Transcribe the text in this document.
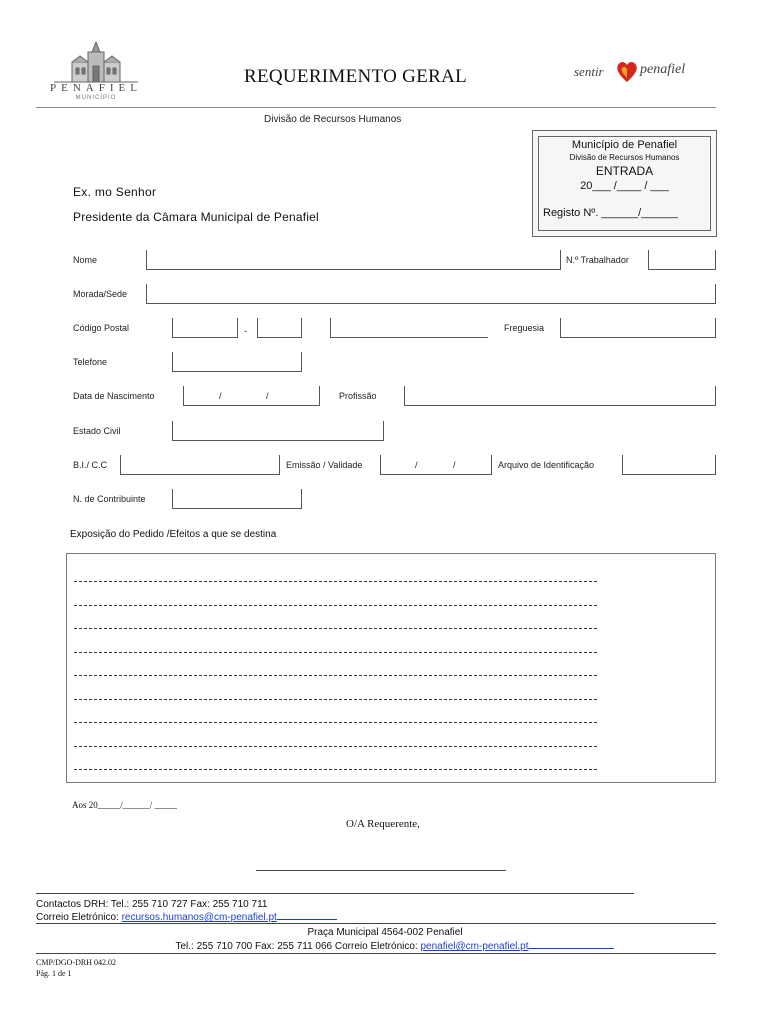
PENAFIEL
MUNICÍPIO
REQUERIMENTO GERAL	sentir	penafiel
Divisão de Recursos Humanos
Município de Penafiel
Divisão de Recursos Humanos
ENTRADA
20___ /____ / ___
Registo Nº. ______/______
Ex. mo Senhor
Presidente da Câmara Municipal de Penafiel
Nome	N.º Trabalhador
Morada/Sede
Código Postal	-	Freguesia
Telefone
Data de Nascimento	/	/	Profissão
Estado Civil
B.I./ C.C	Emissão / Validade	/	/	Arquivo de Identificação
N. de Contribuinte
Exposição do Pedido /Efeitos a que se destina
Aos 20_____/______/ _____
O/A Requerente,
Contactos DRH: Tel.: 255 710 727 Fax: 255 710 711
Correio Eletrónico: recursos.humanos@cm-penafiel.pt
Praça Municipal 4564-002 Penafiel
Tel.: 255 710 700 Fax: 255 711 066 Correio Eletrónico: penafiel@cm-penafiel.pt
CMP/DGO-DRH 042.02
Pág. 1 de 1
